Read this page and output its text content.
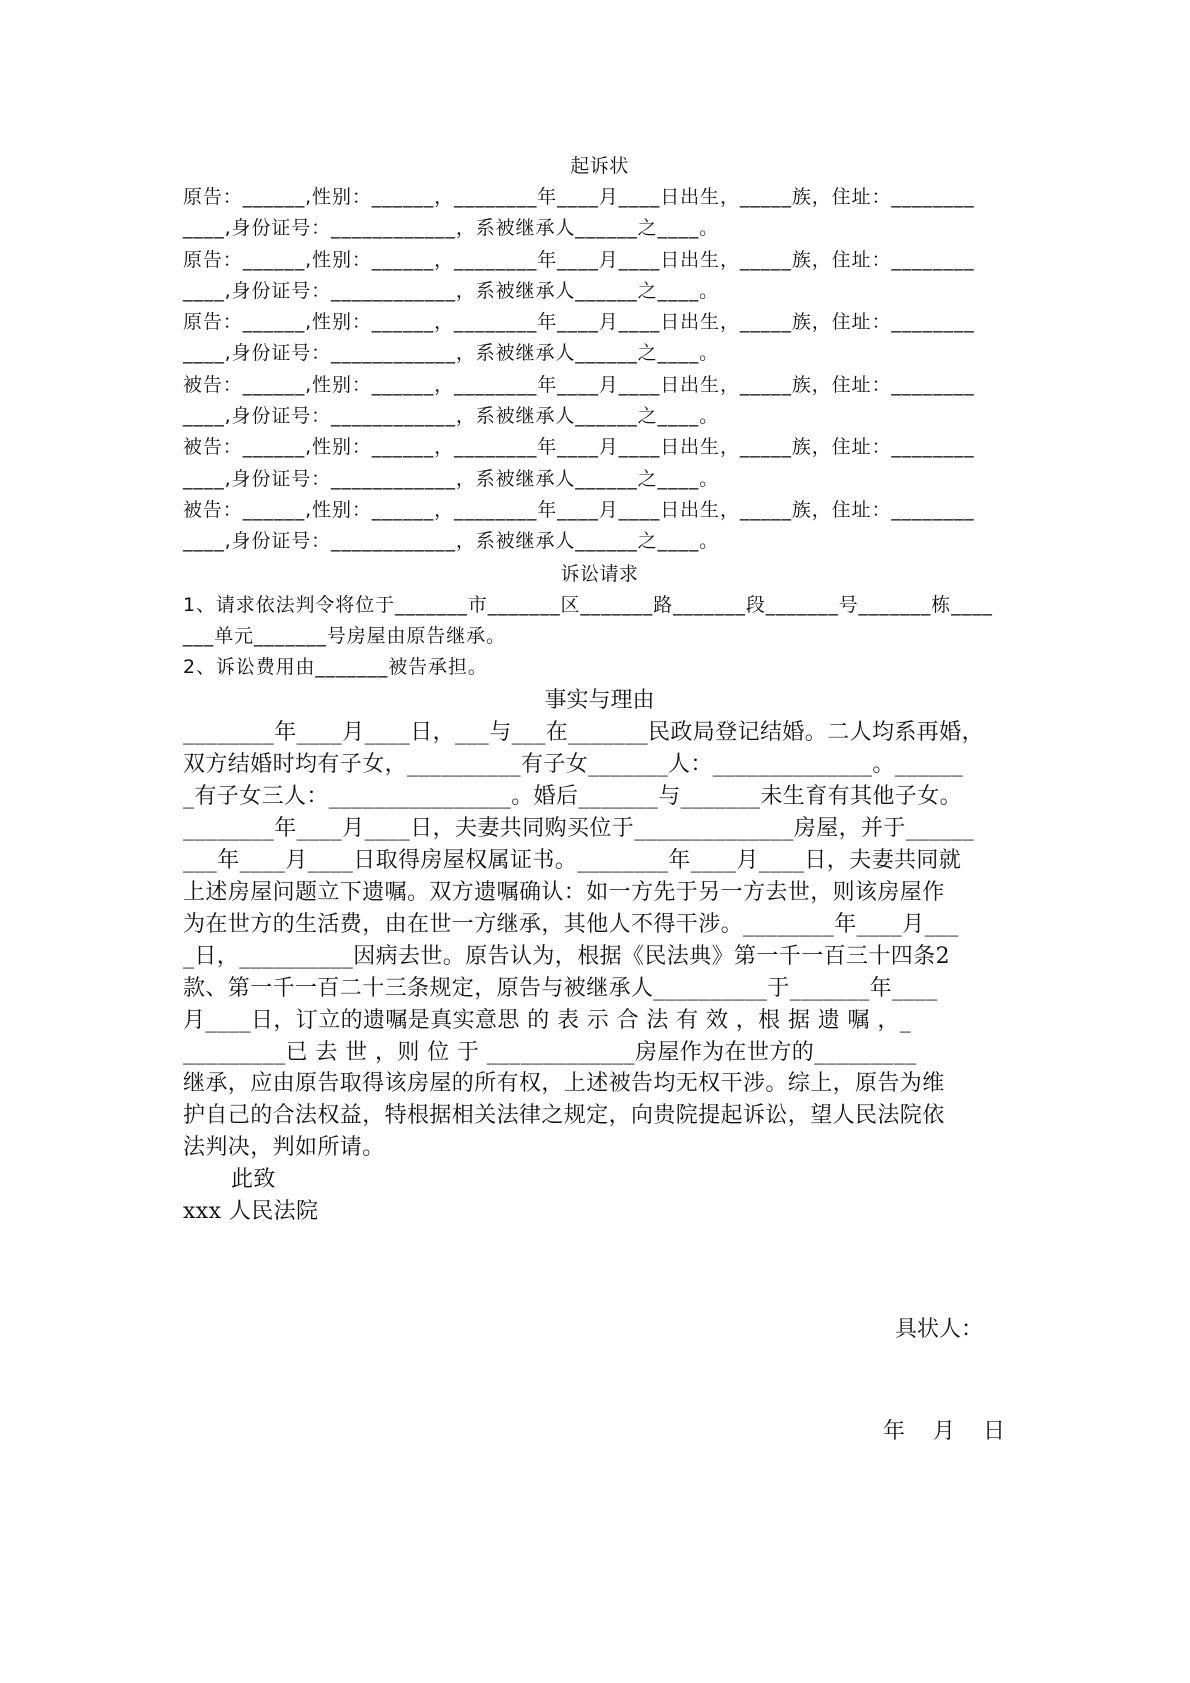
起诉状
原告：______,性别：______，________年____月____日出生，_____族，住址：________
____,身份证号：____________，系被继承人______之____。
原告：______,性别：______，________年____月____日出生，_____族，住址：________
____,身份证号：____________，系被继承人______之____。
原告：______,性别：______，________年____月____日出生，_____族，住址：________
____,身份证号：____________，系被继承人______之____。
被告：______,性别：______，________年____月____日出生，_____族，住址：________
____,身份证号：____________，系被继承人______之____。
被告：______,性别：______，________年____月____日出生，_____族，住址：________
____,身份证号：____________，系被继承人______之____。
被告：______,性别：______，________年____月____日出生，_____族，住址：________
____,身份证号：____________，系被继承人______之____。
诉讼请求
1、请求依法判令将位于_______市_______区_______路_______段_______号_______栋____
___单元_______号房屋由原告继承。
2、诉讼费用由_______被告承担。
事实与理由
________年____月____日，___与___在_______民政局登记结婚。二人均系再婚，
双方结婚时均有子女，__________有子女_______人：______________。______
_有子女三人：________________。婚后_______与_______未生育有其他子女。
________年____月____日，夫妻共同购买位于______________房屋，并于______
___年____月____日取得房屋权属证书。________年____月____日，夫妻共同就
上述房屋问题立下遗嘱。双方遗嘱确认：如一方先于另一方去世，则该房屋作
为在世方的生活费，由在世一方继承，其他人不得干涉。________年____月___
_日，__________因病去世。原告认为，根据《民法典》第一千一百三十四条2
款、第一千一百二十三条规定，原告与被继承人__________于_______年____
月____日，订立的遗嘱是真实意思 的 表 示 合 法 有 效 ，根 据 遗 嘱 ，_
_________已 去 世 ，则 位 于 _____________房屋作为在世方的_________
继承，应由原告取得该房屋的所有权，上述被告均无权干涉。综上，原告为维
护自己的合法权益，特根据相关法律之规定，向贵院提起诉讼，望人民法院依
法判决，判如所请。
此致
xxx 人民法院

具状人：

年    月    日
